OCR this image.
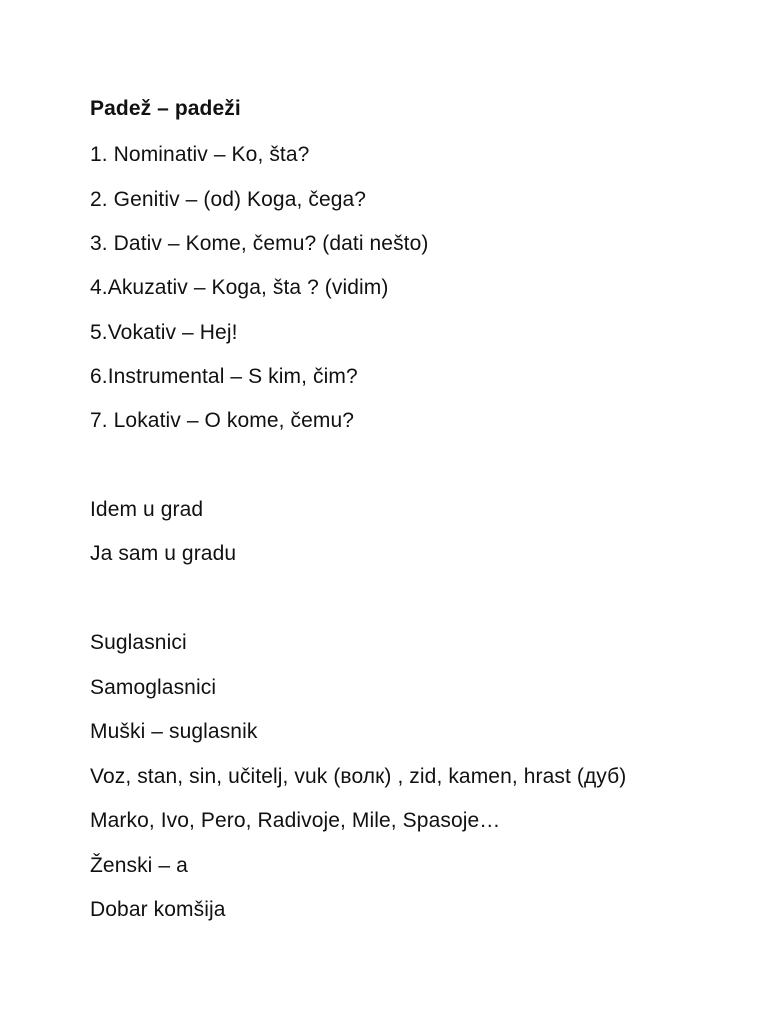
Padež – padeži
1. Nominativ – Ko, šta?
2. Genitiv – (od) Koga, čega?
3. Dativ – Kome, čemu? (dati nešto)
4.Akuzativ – Koga, šta ? (vidim)
5.Vokativ – Hej!
6.Instrumental – S kim, čim?
7. Lokativ – O kome, čemu?
Idem u grad
Ja sam u gradu
Suglasnici
Samoglasnici
Muški – suglasnik
Voz, stan, sin, učitelj, vuk (волк) , zid, kamen, hrast (дуб)
Marko, Ivo, Pero, Radivoje, Mile, Spasoje…
Ženski – a
Dobar komšija
